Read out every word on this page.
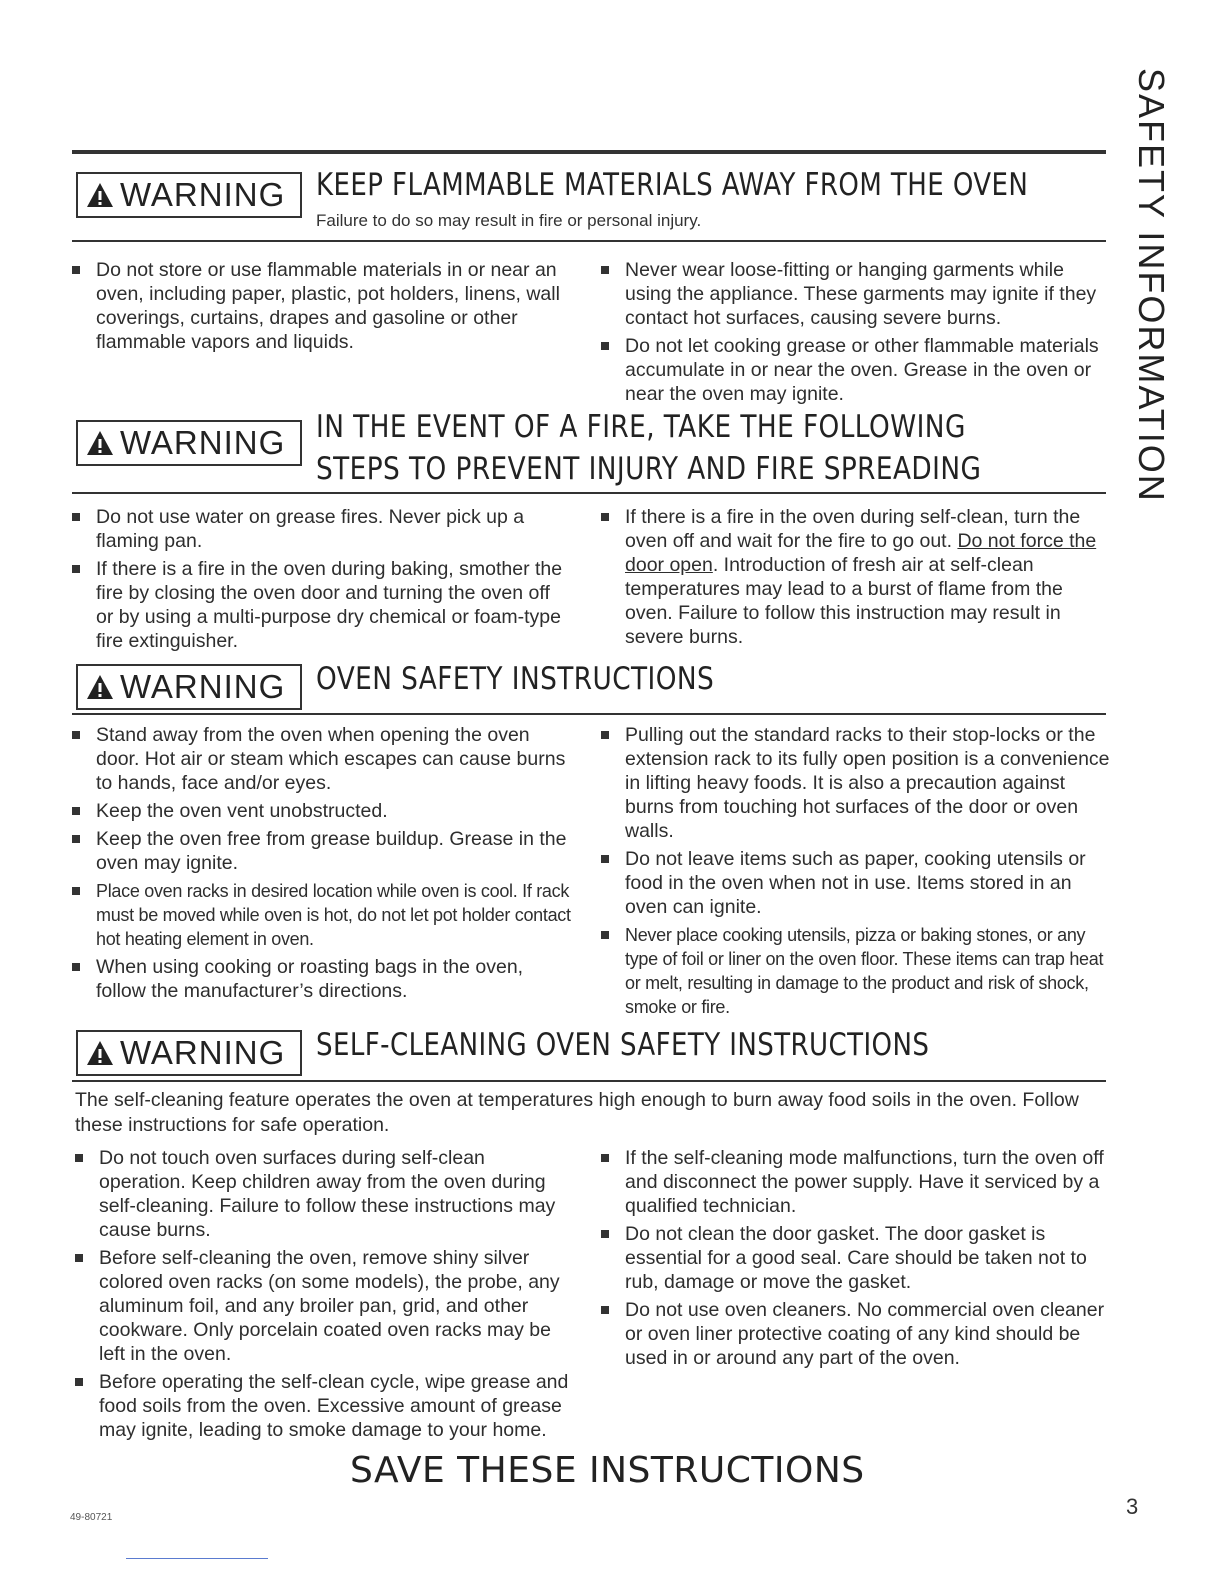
SAFETY INFORMATION
WARNING KEEP FLAMMABLE MATERIALS AWAY FROM THE OVEN
Failure to do so may result in fire or personal injury.
Do not store or use flammable materials in or near an oven, including paper, plastic, pot holders, linens, wall coverings, curtains, drapes and gasoline or other flammable vapors and liquids.
Never wear loose-fitting or hanging garments while using the appliance. These garments may ignite if they contact hot surfaces, causing severe burns.
Do not let cooking grease or other flammable materials accumulate in or near the oven. Grease in the oven or near the oven may ignite.
WARNING IN THE EVENT OF A FIRE, TAKE THE FOLLOWING
STEPS TO PREVENT INJURY AND FIRE SPREADING
Do not use water on grease fires. Never pick up a flaming pan.
If there is a fire in the oven during baking, smother the fire by closing the oven door and turning the oven off or by using a multi-purpose dry chemical or foam-type fire extinguisher.
If there is a fire in the oven during self-clean, turn the oven off and wait for the fire to go out. Do not force the door open. Introduction of fresh air at self-clean temperatures may lead to a burst of flame from the oven. Failure to follow this instruction may result in severe burns.
WARNING OVEN SAFETY INSTRUCTIONS
Stand away from the oven when opening the oven door. Hot air or steam which escapes can cause burns to hands, face and/or eyes.
Keep the oven vent unobstructed.
Keep the oven free from grease buildup. Grease in the oven may ignite.
Place oven racks in desired location while oven is cool. If rack must be moved while oven is hot, do not let pot holder contact hot heating element in oven.
When using cooking or roasting bags in the oven, follow the manufacturer’s directions.
Pulling out the standard racks to their stop-locks or the extension rack to its fully open position is a convenience in lifting heavy foods. It is also a precaution against burns from touching hot surfaces of the door or oven walls.
Do not leave items such as paper, cooking utensils or food in the oven when not in use. Items stored in an oven can ignite.
Never place cooking utensils, pizza or baking stones, or any type of foil or liner on the oven floor. These items can trap heat or melt, resulting in damage to the product and risk of shock, smoke or fire.
WARNING SELF-CLEANING OVEN SAFETY INSTRUCTIONS
The self-cleaning feature operates the oven at temperatures high enough to burn away food soils in the oven. Follow these instructions for safe operation.
Do not touch oven surfaces during self-clean operation. Keep children away from the oven during self-cleaning. Failure to follow these instructions may cause burns.
Before self-cleaning the oven, remove shiny silver colored oven racks (on some models), the probe, any aluminum foil, and any broiler pan, grid, and other cookware. Only porcelain coated oven racks may be left in the oven.
Before operating the self-clean cycle, wipe grease and food soils from the oven. Excessive amount of grease may ignite, leading to smoke damage to your home.
If the self-cleaning mode malfunctions, turn the oven off and disconnect the power supply. Have it serviced by a qualified technician.
Do not clean the door gasket. The door gasket is essential for a good seal. Care should be taken not to rub, damage or move the gasket.
Do not use oven cleaners. No commercial oven cleaner or oven liner protective coating of any kind should be used in or around any part of the oven.
SAVE THESE INSTRUCTIONS
49-80721	3
